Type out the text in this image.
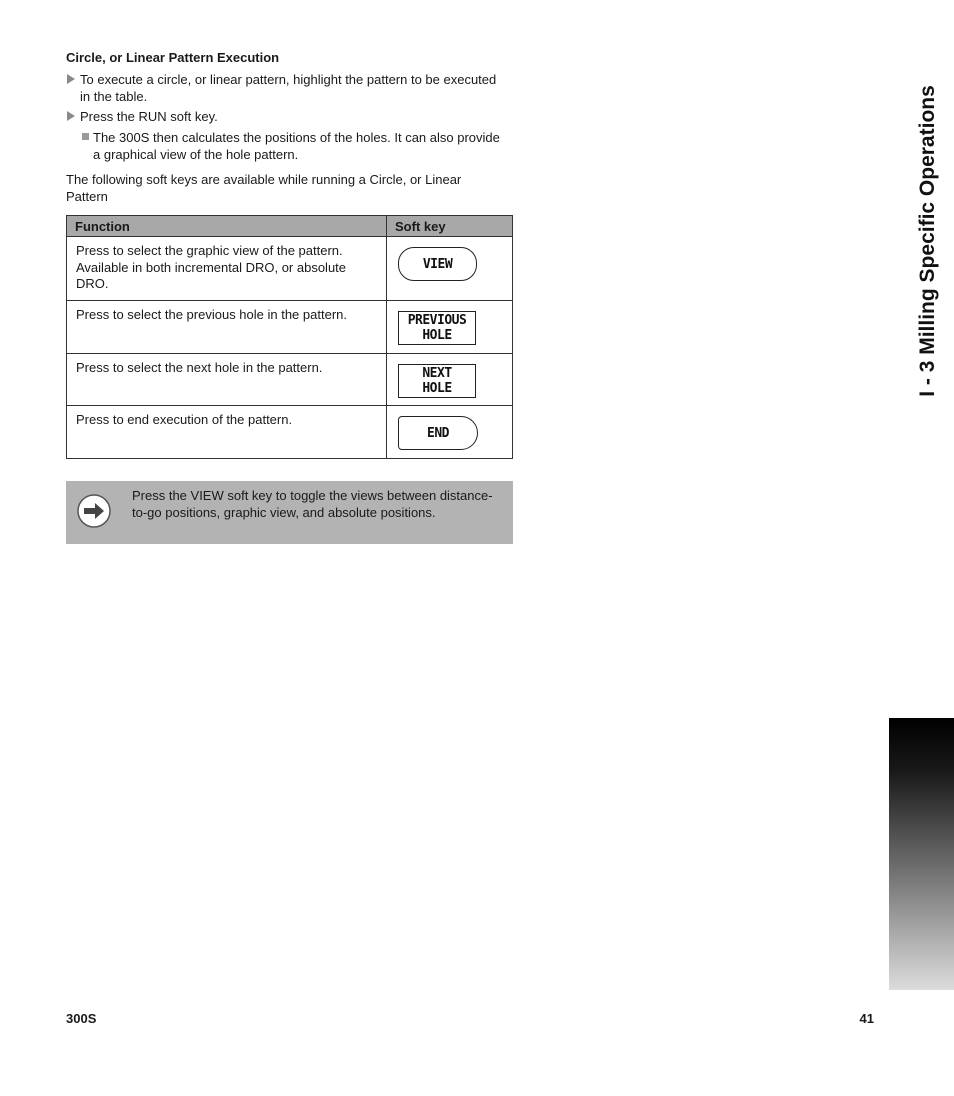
Circle, or Linear Pattern Execution
To execute a circle, or linear pattern, highlight the pattern to be executed in the table.
Press the RUN soft key.
The 300S then calculates the positions of the holes. It can also provide a graphical view of the hole pattern.
The following soft keys are available while running a Circle, or Linear Pattern
Function	Soft key
Press to select the graphic view of the pattern. Available in both incremental DRO, or absolute DRO.	VIEW

Press to select the previous hole in the pattern.	PREVIOUS
HOLE

Press to select the next hole in the pattern.	NEXT
HOLE

Press to end execution of the pattern.	END
Press the VIEW soft key to toggle the views between distance-to-go positions, graphic view, and absolute positions.
I - 3 Milling Specific Operations
300S	41
